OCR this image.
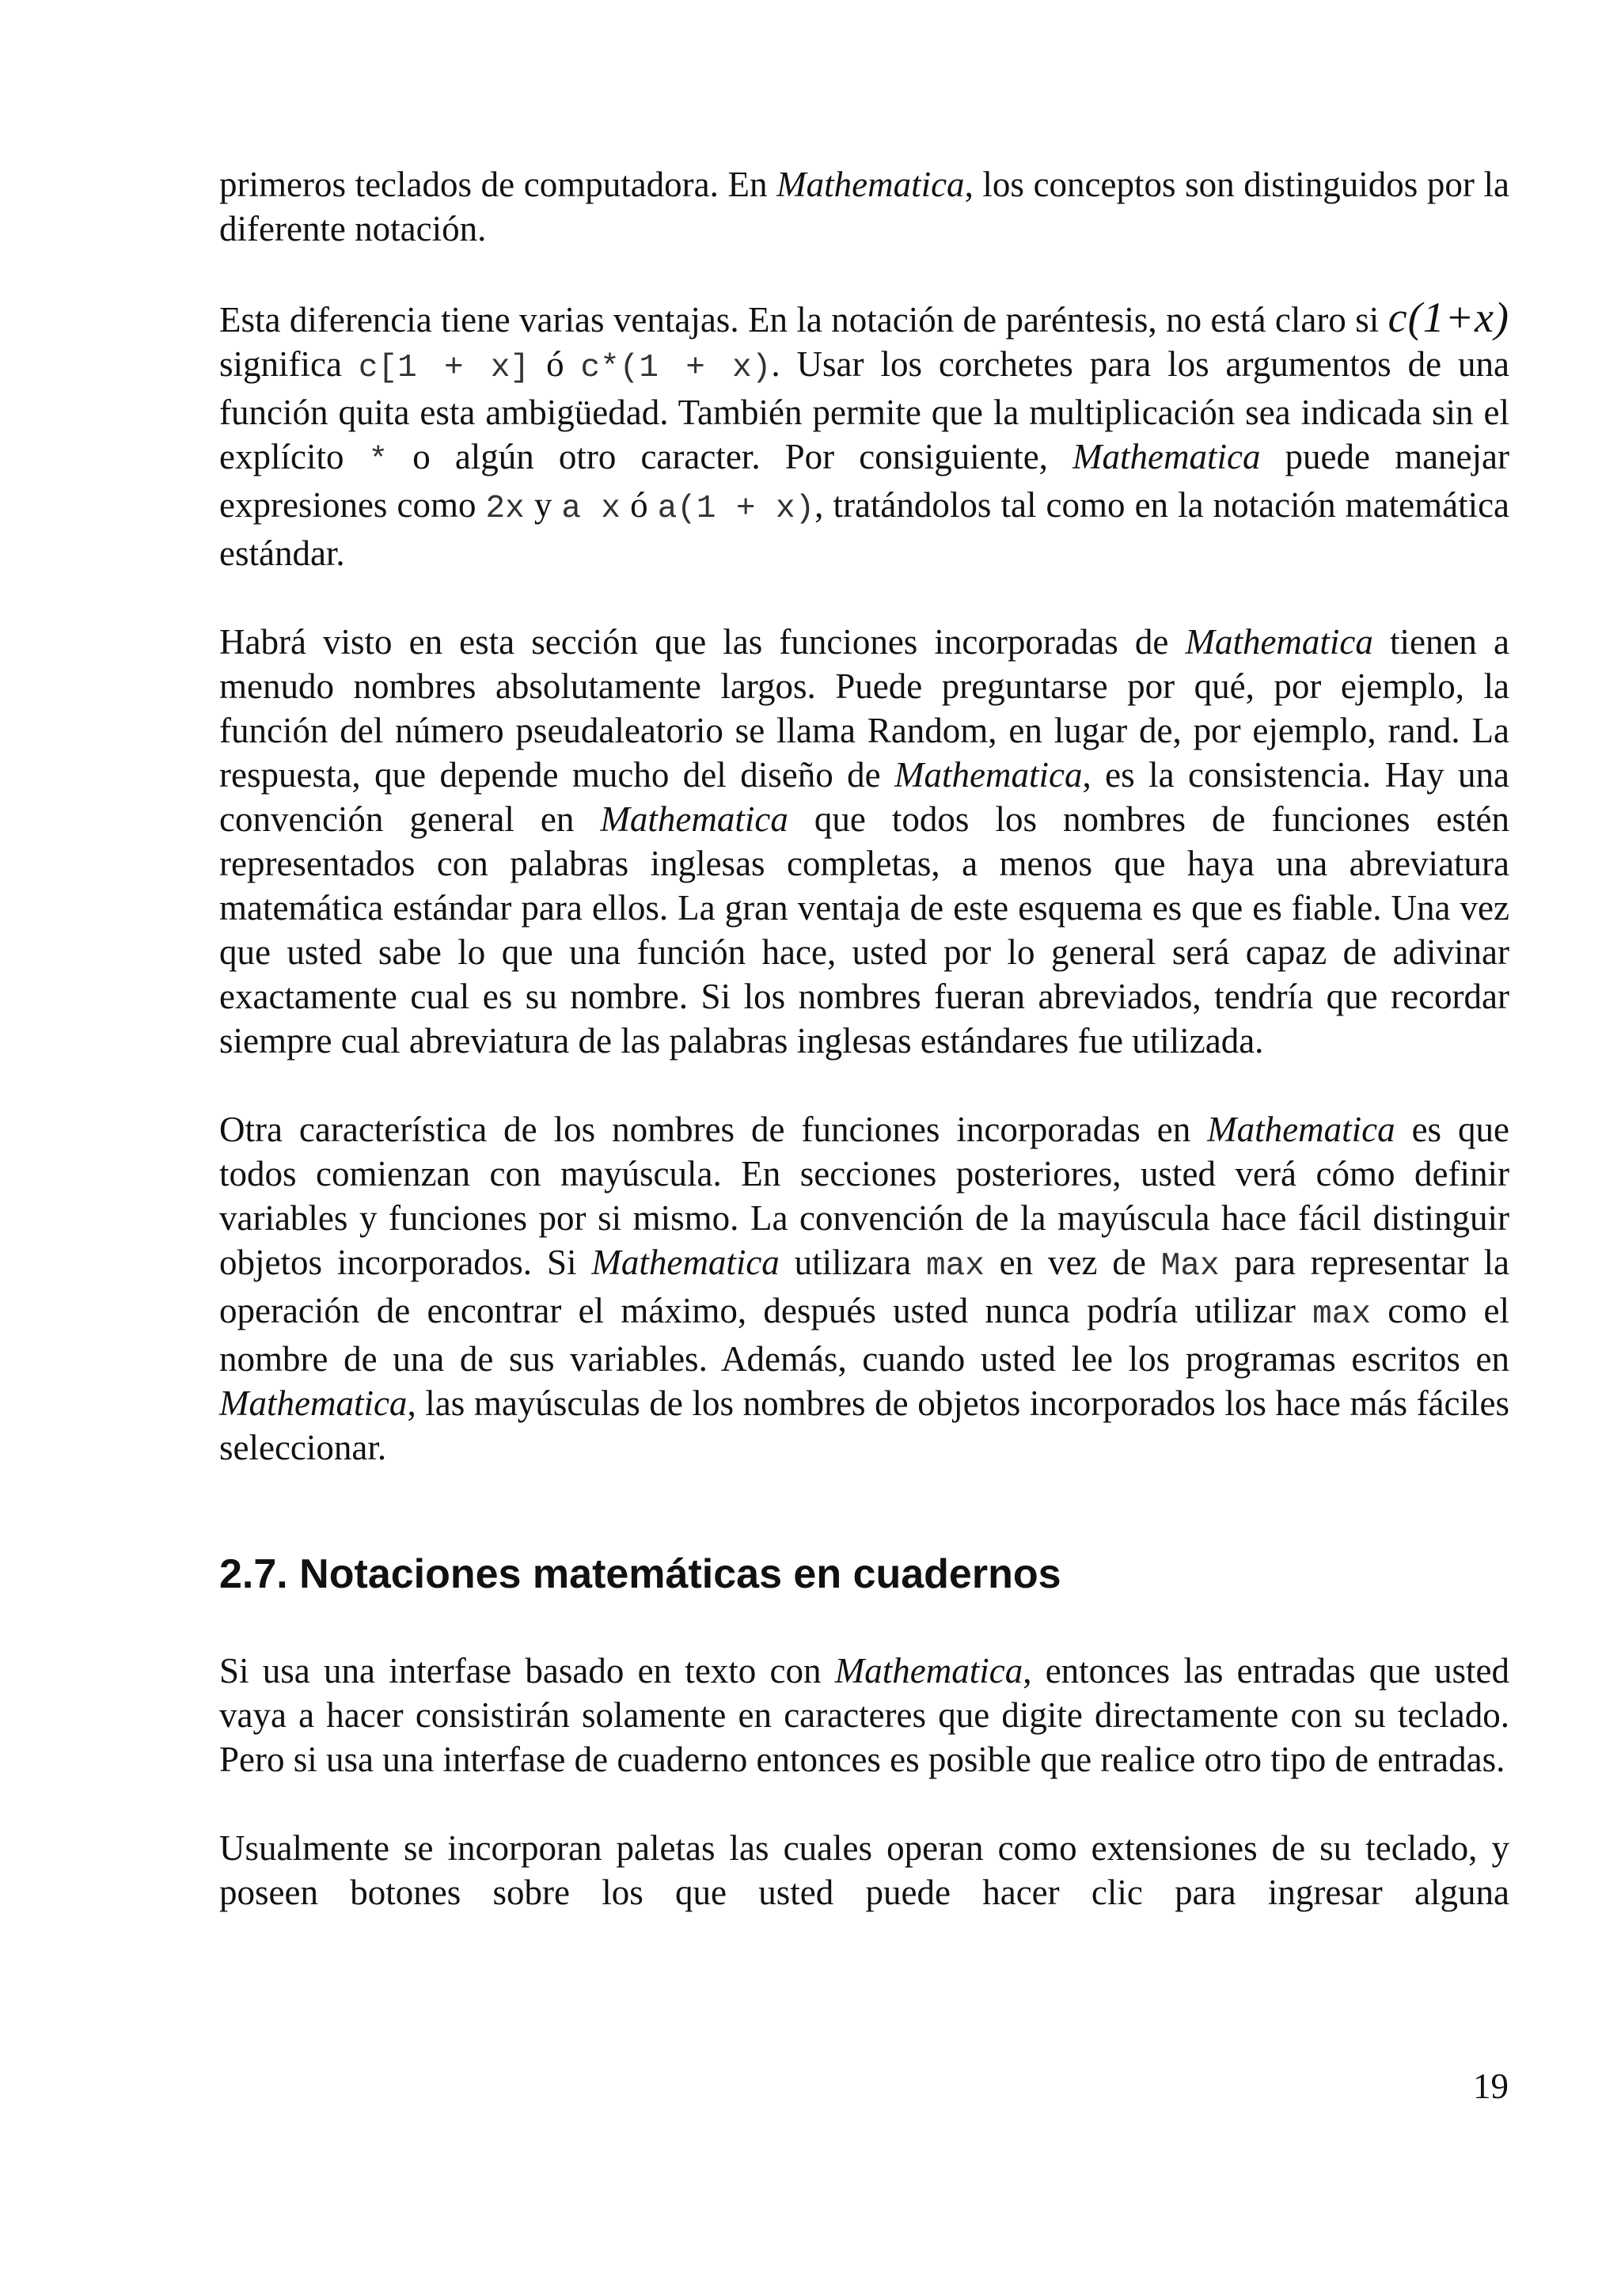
primeros teclados de computadora. En Mathematica, los conceptos son distinguidos por la diferente notación.

Esta diferencia tiene varias ventajas. En la notación de paréntesis, no está claro si c(1+x) significa c[1 + x] ó c*(1 + x). Usar los corchetes para los argumentos de una función quita esta ambigüedad. También permite que la multiplicación sea indicada sin el explícito * o algún otro caracter. Por consiguiente, Mathematica puede manejar expresiones como 2x y a x ó a(1 + x), tratándolos tal como en la notación matemática estándar.

Habrá visto en esta sección que las funciones incorporadas de Mathematica tienen a menudo nombres absolutamente largos. Puede preguntarse por qué, por ejemplo, la función del número pseudaleatorio se llama Random, en lugar de, por ejemplo, rand. La respuesta, que depende mucho del diseño de Mathematica, es la consistencia. Hay una convención general en Mathematica que todos los nombres de funciones estén representados con palabras inglesas completas, a menos que haya una abreviatura matemática estándar para ellos. La gran ventaja de este esquema es que es fiable. Una vez que usted sabe lo que una función hace, usted por lo general será capaz de adivinar exactamente cual es su nombre. Si los nombres fueran abreviados, tendría que recordar siempre cual abreviatura de las palabras inglesas estándares fue utilizada.

Otra característica de los nombres de funciones incorporadas en Mathematica es que todos comienzan con mayúscula. En secciones posteriores, usted verá cómo definir variables y funciones por si mismo. La convención de la mayúscula hace fácil distinguir objetos incorporados. Si Mathematica utilizara max en vez de Max para representar la operación de encontrar el máximo, después usted nunca podría utilizar max como el nombre de una de sus variables. Además, cuando usted lee los programas escritos en Mathematica, las mayúsculas de los nombres de objetos incorporados los hace más fáciles seleccionar.

2.7. Notaciones matemáticas en cuadernos

Si usa una interfase basado en texto con Mathematica, entonces las entradas que usted vaya a hacer consistirán solamente en caracteres que digite directamente con su teclado. Pero si usa una interfase de cuaderno entonces es posible que realice otro tipo de entradas.

Usualmente se incorporan paletas las cuales operan como extensiones de su teclado, y poseen botones sobre los que usted puede hacer clic para ingresar alguna

19
